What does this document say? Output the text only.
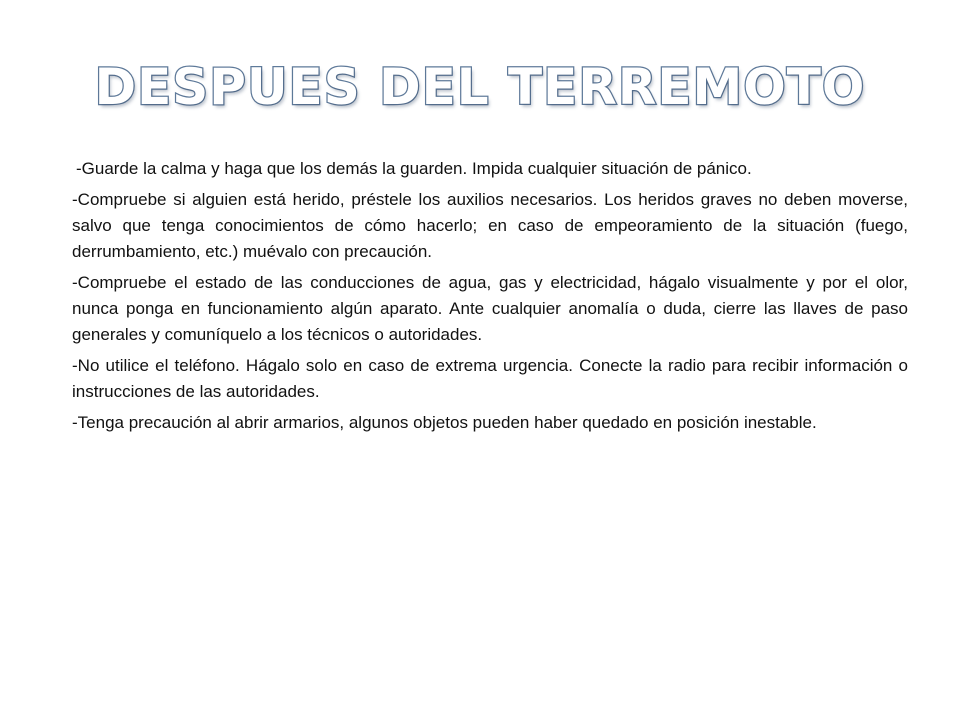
DESPUES DEL TERREMOTO

-Guarde la calma y haga que los demás la guarden. Impida cualquier situación de pánico.

-Compruebe si alguien está herido, préstele los auxilios necesarios. Los heridos graves no deben moverse, salvo que tenga conocimientos de cómo hacerlo; en caso de empeoramiento de la situación (fuego, derrumbamiento, etc.) muévalo con precaución.

-Compruebe el estado de las conducciones de agua, gas y electricidad, hágalo visualmente y por el olor, nunca ponga en funcionamiento algún aparato. Ante cualquier anomalía o duda, cierre las llaves de paso generales y comuníquelo a los técnicos o autoridades.

-No utilice el teléfono. Hágalo solo en caso de extrema urgencia. Conecte la radio para recibir información o instrucciones de las autoridades.

-Tenga precaución al abrir armarios, algunos objetos pueden haber quedado en posición inestable.
